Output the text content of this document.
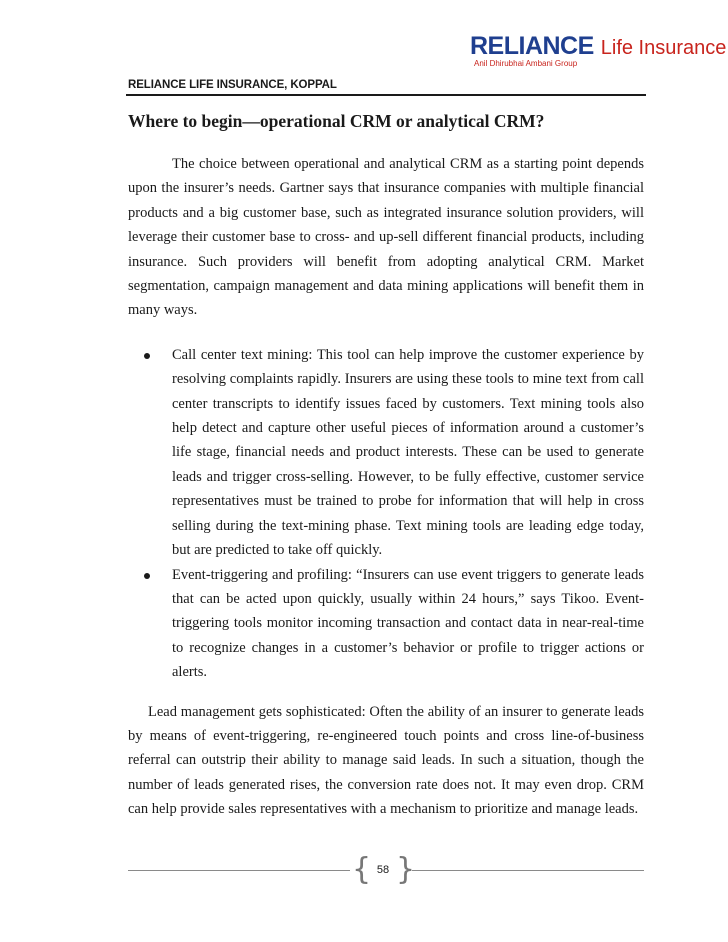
RELIANCE Life Insurance
Anil Dhirubhai Ambani Group
RELIANCE LIFE INSURANCE, KOPPAL
Where to begin—operational CRM or analytical CRM?

The choice between operational and analytical CRM as a starting point depends upon the insurer’s needs. Gartner says that insurance companies with multiple financial products and a big customer base, such as integrated insurance solution providers, will leverage their customer base to cross- and up-sell different financial products, including insurance. Such providers will benefit from adopting analytical CRM. Market segmentation, campaign management and data mining applications will benefit them in many ways.

Call center text mining: This tool can help improve the customer experience by resolving complaints rapidly. Insurers are using these tools to mine text from call center transcripts to identify issues faced by customers. Text mining tools also help detect and capture other useful pieces of information around a customer’s life stage, financial needs and product interests. These can be used to generate leads and trigger cross-selling. However, to be fully effective, customer service representatives must be trained to probe for information that will help in cross selling during the text-mining phase. Text mining tools are leading edge today, but are predicted to take off quickly.
Event-triggering and profiling: “Insurers can use event triggers to generate leads that can be acted upon quickly, usually within 24 hours,” says Tikoo. Event-triggering tools monitor incoming transaction and contact data in near-real-time to recognize changes in a customer’s behavior or profile to trigger actions or alerts.

Lead management gets sophisticated: Often the ability of an insurer to generate leads by means of event-triggering, re-engineered touch points and cross line-of-business referral can outstrip their ability to manage said leads. In such a situation, though the number of leads generated rises, the conversion rate does not. It may even drop. CRM can help provide sales representatives with a mechanism to prioritize and manage leads.

{ }
58
